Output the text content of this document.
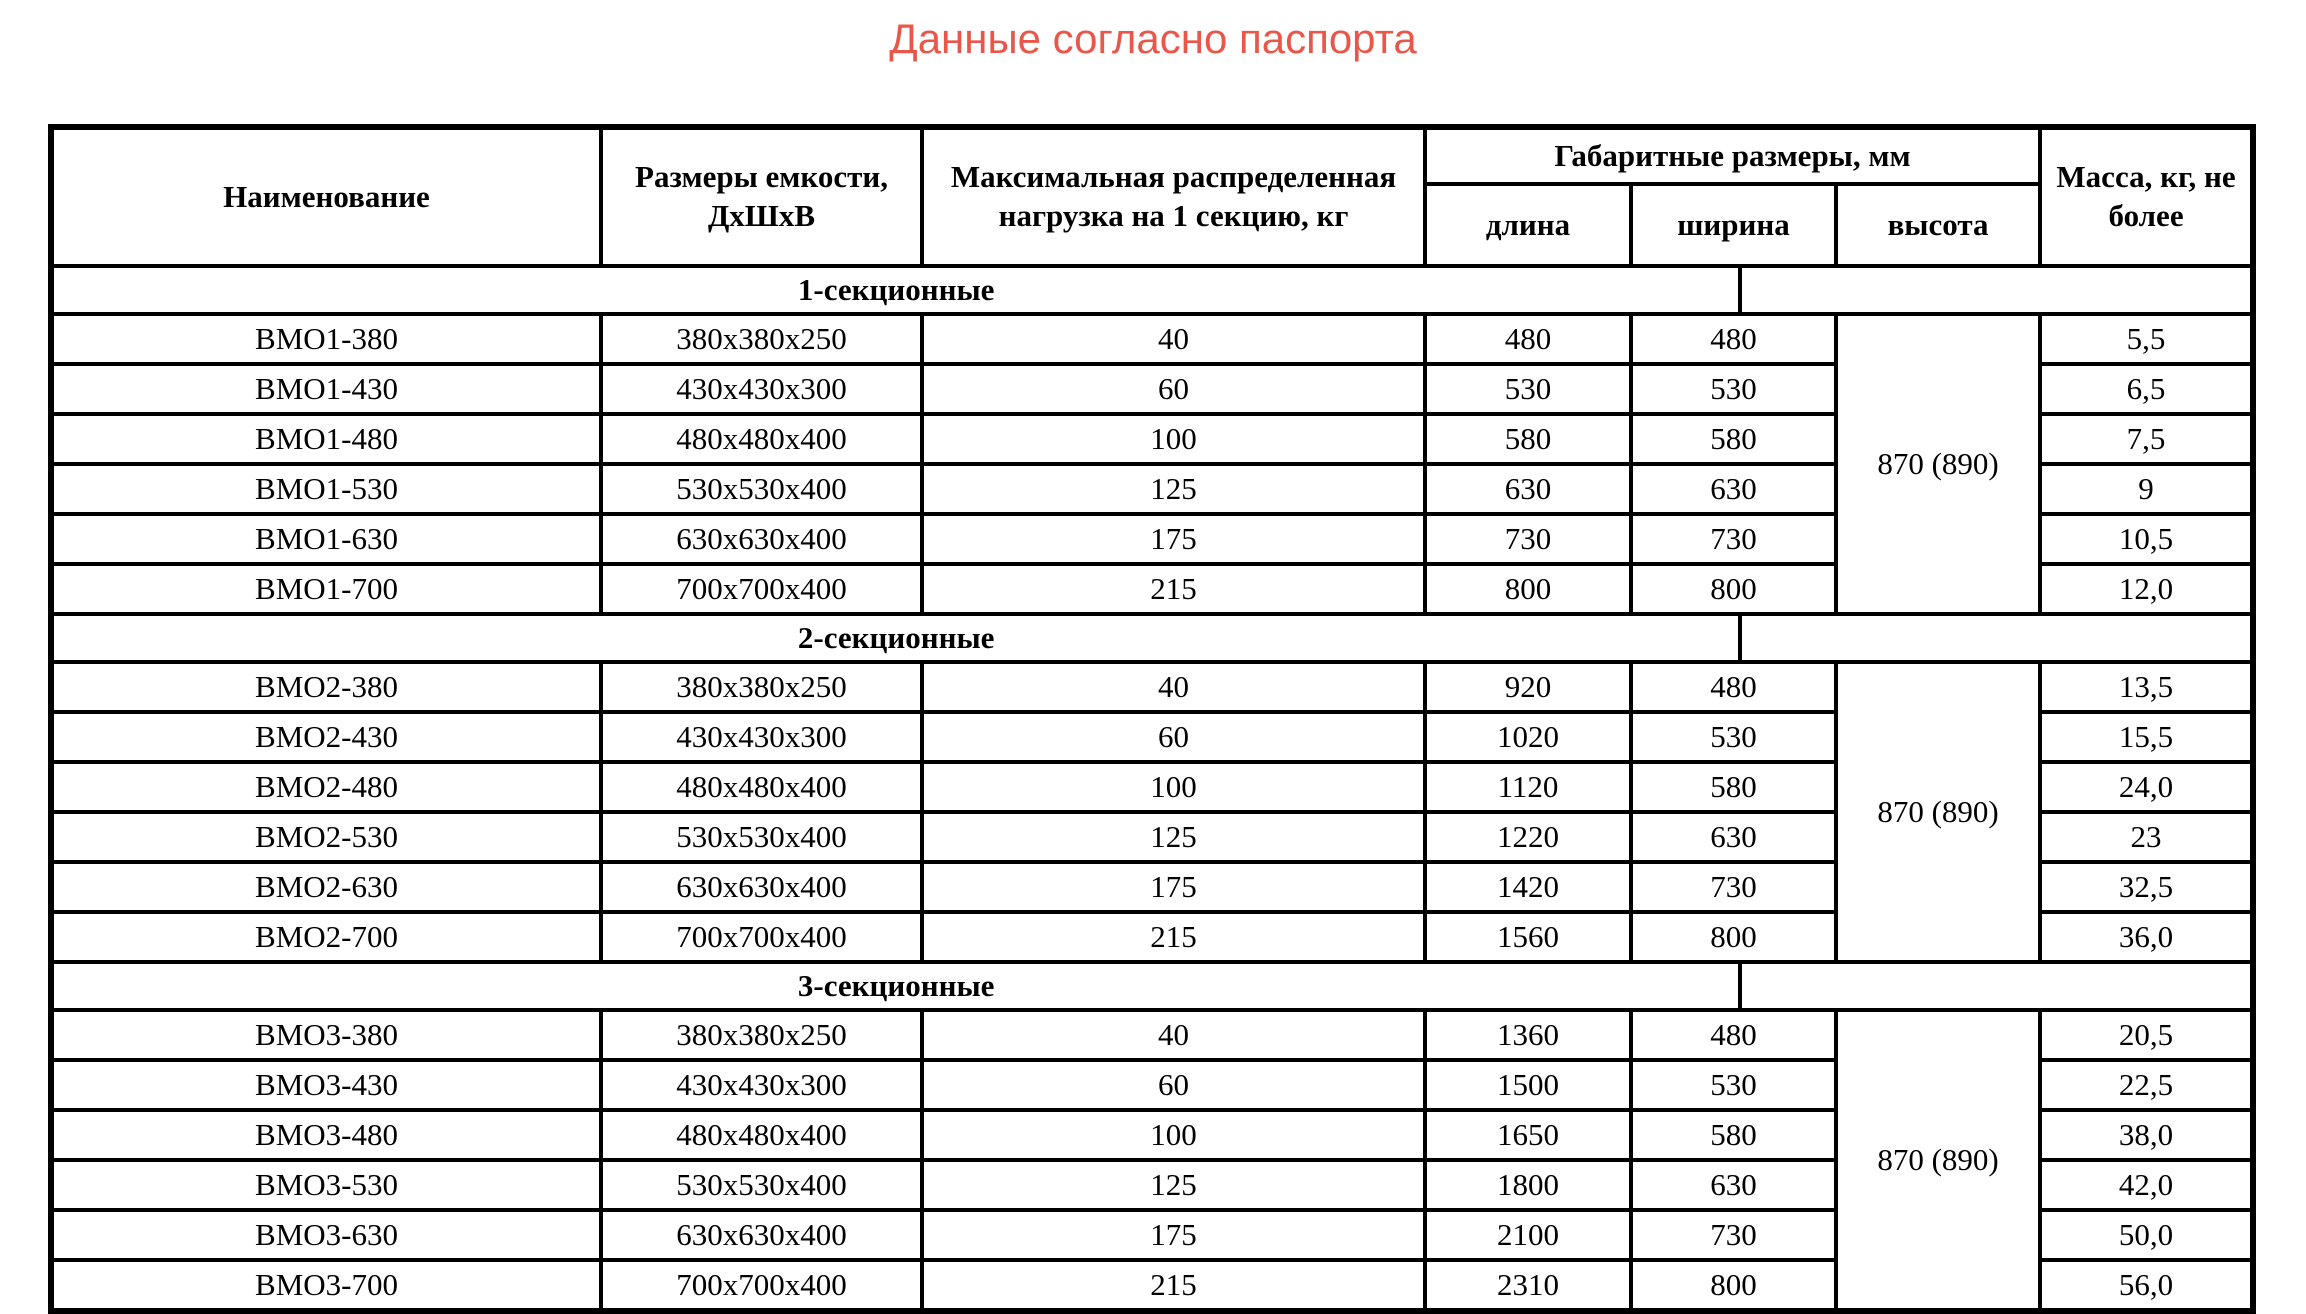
Данные согласно паспорта
Наименование	Размеры емкости, ДхШхВ	Максимальная распределенная нагрузка на 1 секцию, кг	Габаритные размеры, мм			Масса, кг, не более
			длина	ширина	высота	

1-секционные						

ВМО1-380	380x380x250	40	480	480	870 (890)	5,5
ВМО1-430	430x430x300	60	530	530		6,5
ВМО1-480	480x480x400	100	580	580		7,5
ВМО1-530	530x530x400	125	630	630		9
ВМО1-630	630x630x400	175	730	730		10,5
ВМО1-700	700x700x400	215	800	800		12,0

2-секционные						

ВМО2-380	380x380x250	40	920	480	870 (890)	13,5
ВМО2-430	430x430x300	60	1020	530		15,5
ВМО2-480	480x480x400	100	1120	580		24,0
ВМО2-530	530x530x400	125	1220	630		23
ВМО2-630	630x630x400	175	1420	730		32,5
ВМО2-700	700x700x400	215	1560	800		36,0

3-секционные						

ВМО3-380	380x380x250	40	1360	480	870 (890)	20,5
ВМО3-430	430x430x300	60	1500	530		22,5
ВМО3-480	480x480x400	100	1650	580		38,0
ВМО3-530	530x530x400	125	1800	630		42,0
ВМО3-630	630x630x400	175	2100	730		50,0
ВМО3-700	700x700x400	215	2310	800		56,0
